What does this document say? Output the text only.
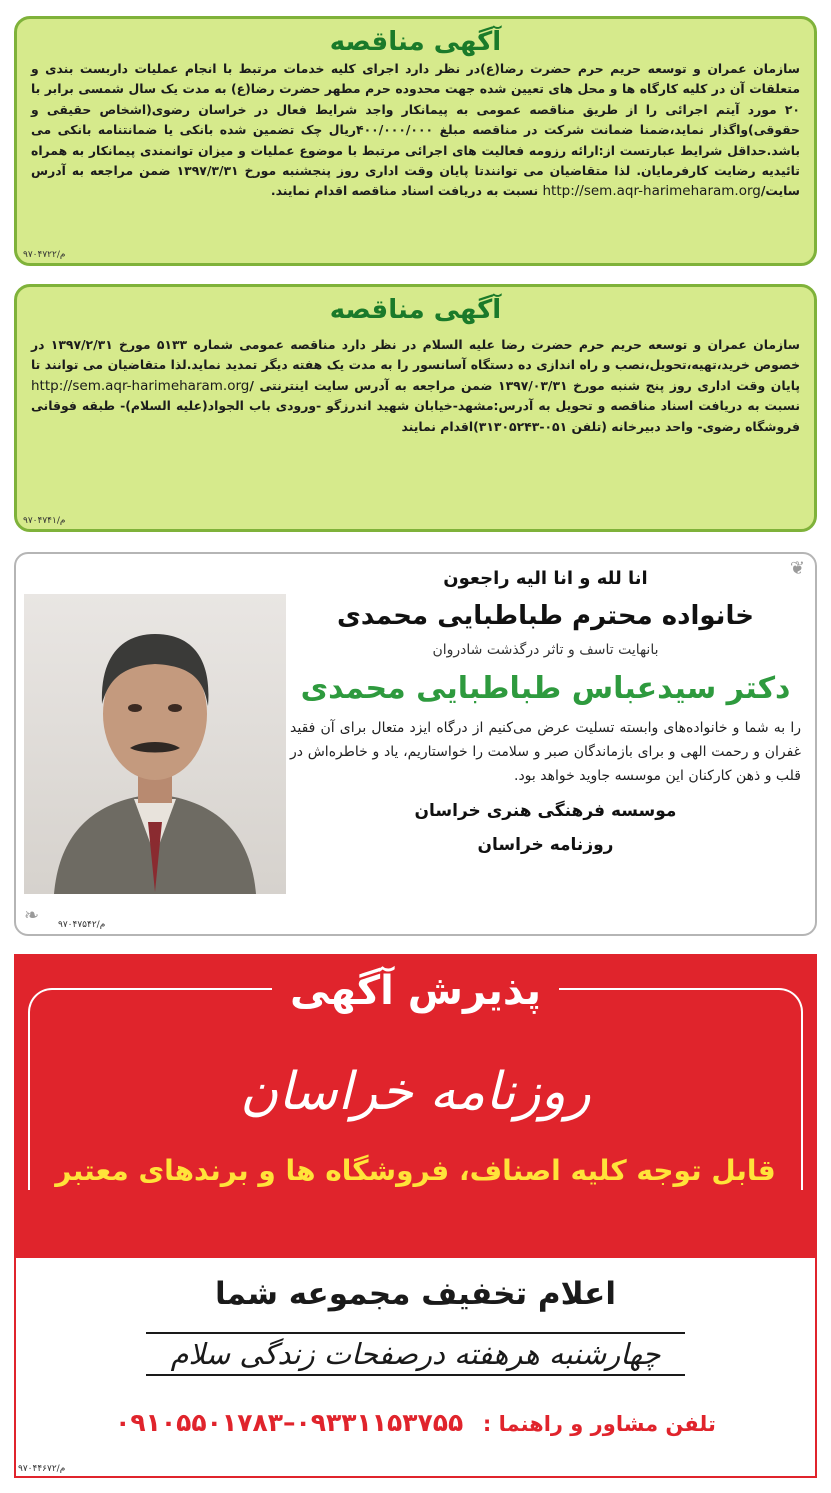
آگهی مناقصه
سازمان عمران و توسعه حریم حرم حضرت رضا(ع)در نظر دارد اجرای کلیه خدمات مرتبط با انجام عملیات داربست بندی و متعلقات آن در کلیه کارگاه ها و محل های تعیین شده جهت محدوده حرم مطهر حضرت رضا(ع) به مدت یک سال شمسی برابر با ۲۰ مورد آیتم اجرائی را از طریق مناقصه عمومی به پیمانکار واجد شرایط فعال در خراسان رضوی(اشخاص حقیقی و حقوقی)واگذار نماید،ضمنا ضمانت شرکت در مناقصه مبلغ ۴۰۰/۰۰۰/۰۰۰ریال چک تضمین شده بانکی یا ضمانتنامه بانکی می باشد.حداقل شرایط عبارتست از:ارائه رزومه فعالیت های اجرائی مرتبط با موضوع عملیات و میزان توانمندی پیمانکار به همراه تائیدیه رضایت کارفرمایان. لذا متقاضیان می توانندتا پایان وقت اداری روز پنجشنبه مورخ ۱۳۹۷/۳/۳۱ ضمن مراجعه به آدرس سایت/http://sem.aqr-harimeharam.org نسبت به دریافت اسناد مناقصه اقدام نمایند.
م/۹۷۰۴۷۲۲
آگهی مناقصه
سازمان عمران و توسعه حریم حرم حضرت رضا علیه السلام در نظر دارد مناقصه عمومی شماره ۵۱۳۳ مورخ ۱۳۹۷/۲/۳۱ در خصوص خرید،تهیه،تحویل،نصب و راه اندازی ده دستگاه آسانسور را به مدت یک هفته دیگر تمدید نماید.لذا متقاضیان می توانند تا پایان وقت اداری روز پنج شنبه مورخ ۱۳۹۷/۰۳/۳۱ ضمن مراجعه به آدرس سایت اینترنتی /http://sem.aqr-harimeharam.org نسبت به دریافت اسناد مناقصه و تحویل به آدرس:مشهد-خیابان شهید اندرزگو -ورودی باب الجواد(علیه السلام)- طبقه فوقانی فروشگاه رضوی- واحد دبیرخانه (تلفن ۰۵۱-۳۱۳۰۵۲۴۳)اقدام نمایند
م/۹۷۰۴۷۴۱
❦
❧
انا لله و انا الیه راجعون
خانواده محترم طباطبایی محمدی
بانهایت تاسف و تاثر درگذشت شادروان
دکتر سیدعباس طباطبایی محمدی
را به شما و خانواده‌های وابسته تسلیت عرض می‌کنیم از درگاه ایزد متعال برای آن فقید غفران و رحمت الهی و برای بازماندگان صبر و سلامت را خواستاریم، یاد و خاطره‌اش در قلب و ذهن کارکنان این موسسه جاوید خواهد بود.
موسسه فرهنگی هنری خراسان
روزنامه خراسان
م/۹۷۰۴۷۵۴۲
پذیرش آگهی
روزنامه خراسان
قابل توجه کلیه اصناف، فروشگاه ها و برندهای معتبر
اعلام تخفیف مجموعه شما
چهارشنبه هرهفته درصفحات زندگی سلام
تلفن مشاور و راهنما : ۰۹۱۰۵۵۰۱۷۸۳–۰۹۳۳۱۱۵۳۷۵۵
م/۹۷۰۴۴۶۷۲
